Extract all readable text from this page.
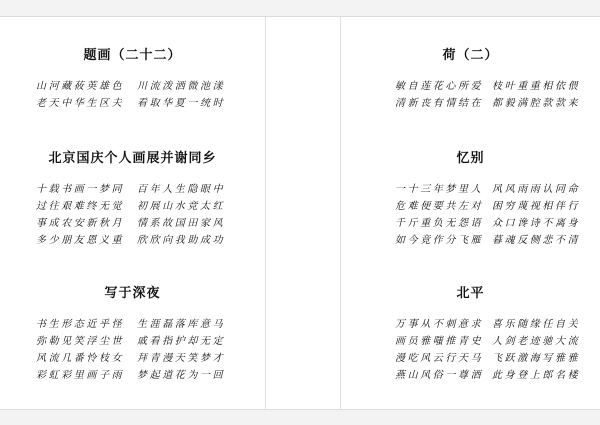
题画（二十二）
山河藏莜英雄色
老天中华生区夫
川流泼洒微池漾
看取华夏一统时
北京国庆个人画展并谢同乡
十载书画一梦同
过往艰难终无觉
事成农安新秋月
多少朋友恩义重
百年人生隐眼中
初展山水竞太红
情系故国田家风
欣欣向我助成功
写于深夜
书生形态近乎怪
弥勒见笑浮尘世
风流几番怜枝女
彩虹彩里画子雨
生涯磊落库意马
戚看指护却无定
拜青漫天笑梦才
梦起道花为一回
荷（二）
敏自莲花心所爱
清新丧有情结在
枝叶重重相依偎
都毅满腔款款来
忆别
一十三年梦里人
危难便要共左对
千斤重负无怨语
如今竟作分飞雁
风风雨雨认同命
困穷蔑视相伴行
众口谗诗不离身
暮魂反侧悲不清
北平
万事从不刺意求
画员雅嗤推青史
漫吃风云行天马
燕山风俗一尊酒
喜乐随缘任自关
人剑老迹驰大流
飞跃激海写雅雅
此身登上郎名楼
